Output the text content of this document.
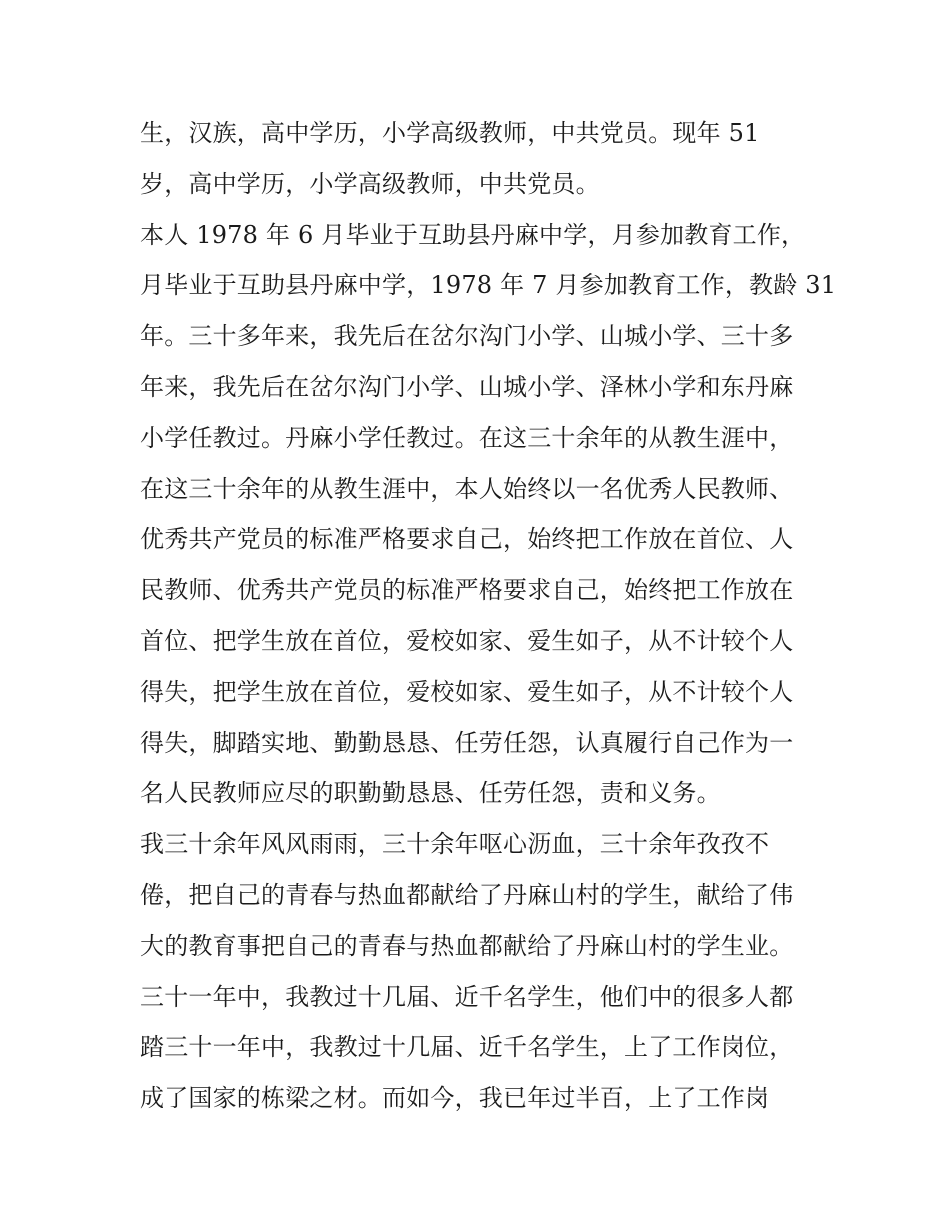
生，汉族，高中学历，小学高级教师，中共党员。现年 51
岁，高中学历，小学高级教师，中共党员。
本人 1978 年 6 月毕业于互助县丹麻中学，月参加教育工作，
月毕业于互助县丹麻中学，1978 年 7 月参加教育工作，教龄 31
年。三十多年来，我先后在岔尔沟门小学、山城小学、三十多
年来，我先后在岔尔沟门小学、山城小学、泽林小学和东丹麻
小学任教过。丹麻小学任教过。在这三十余年的从教生涯中，
在这三十余年的从教生涯中，本人始终以一名优秀人民教师、
优秀共产党员的标准严格要求自己，始终把工作放在首位、人
民教师、优秀共产党员的标准严格要求自己，始终把工作放在
首位、把学生放在首位，爱校如家、爱生如子，从不计较个人
得失，把学生放在首位，爱校如家、爱生如子，从不计较个人
得失，脚踏实地、勤勤恳恳、任劳任怨，认真履行自己作为一
名人民教师应尽的职勤勤恳恳、任劳任怨，责和义务。
我三十余年风风雨雨，三十余年呕心沥血，三十余年孜孜不
倦，把自己的青春与热血都献给了丹麻山村的学生，献给了伟
大的教育事把自己的青春与热血都献给了丹麻山村的学生业。
三十一年中，我教过十几届、近千名学生，他们中的很多人都
踏三十一年中，我教过十几届、近千名学生，上了工作岗位，
成了国家的栋梁之材。而如今，我已年过半百，上了工作岗
